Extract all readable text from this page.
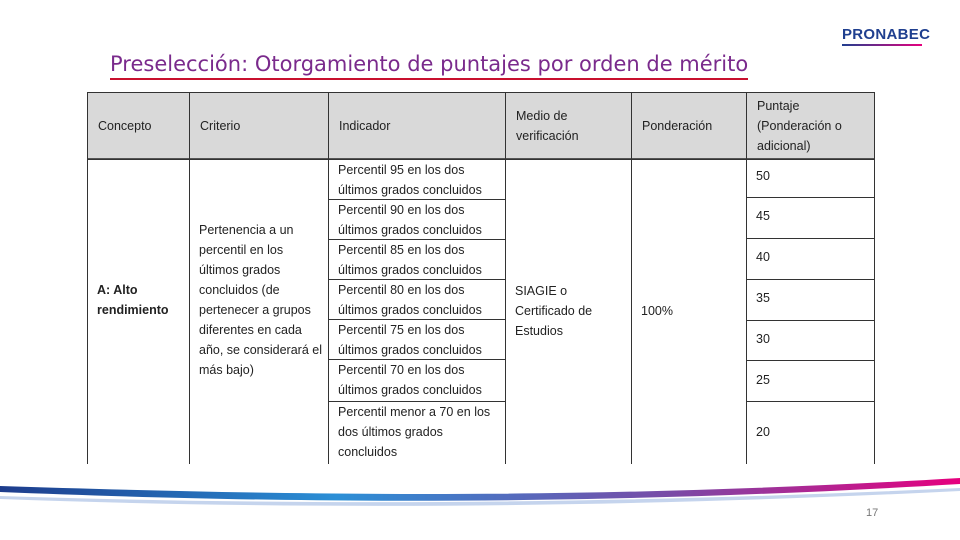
PRONABEC
Preselección: Otorgamiento de puntajes por orden de mérito
Concepto	Criterio	Indicador
Medio de verificación
Ponderación
Puntaje (Ponderación o adicional)
A: Alto rendimiento
Pertenencia a un percentil en los últimos grados concluidos (de pertenecer a grupos diferentes en cada año, se considerará el más bajo)
SIAGIE o Certificado de Estudios
100%
Percentil 95 en los dos últimos grados concluidos
Percentil 90 en los dos últimos grados concluidos
Percentil 85 en los dos últimos grados concluidos
Percentil 80 en los dos últimos grados concluidos
Percentil 75 en los dos últimos grados concluidos
Percentil 70 en los dos últimos grados concluidos
Percentil menor a 70 en los dos últimos grados concluidos
50
45
40
35
30
25
20
17
